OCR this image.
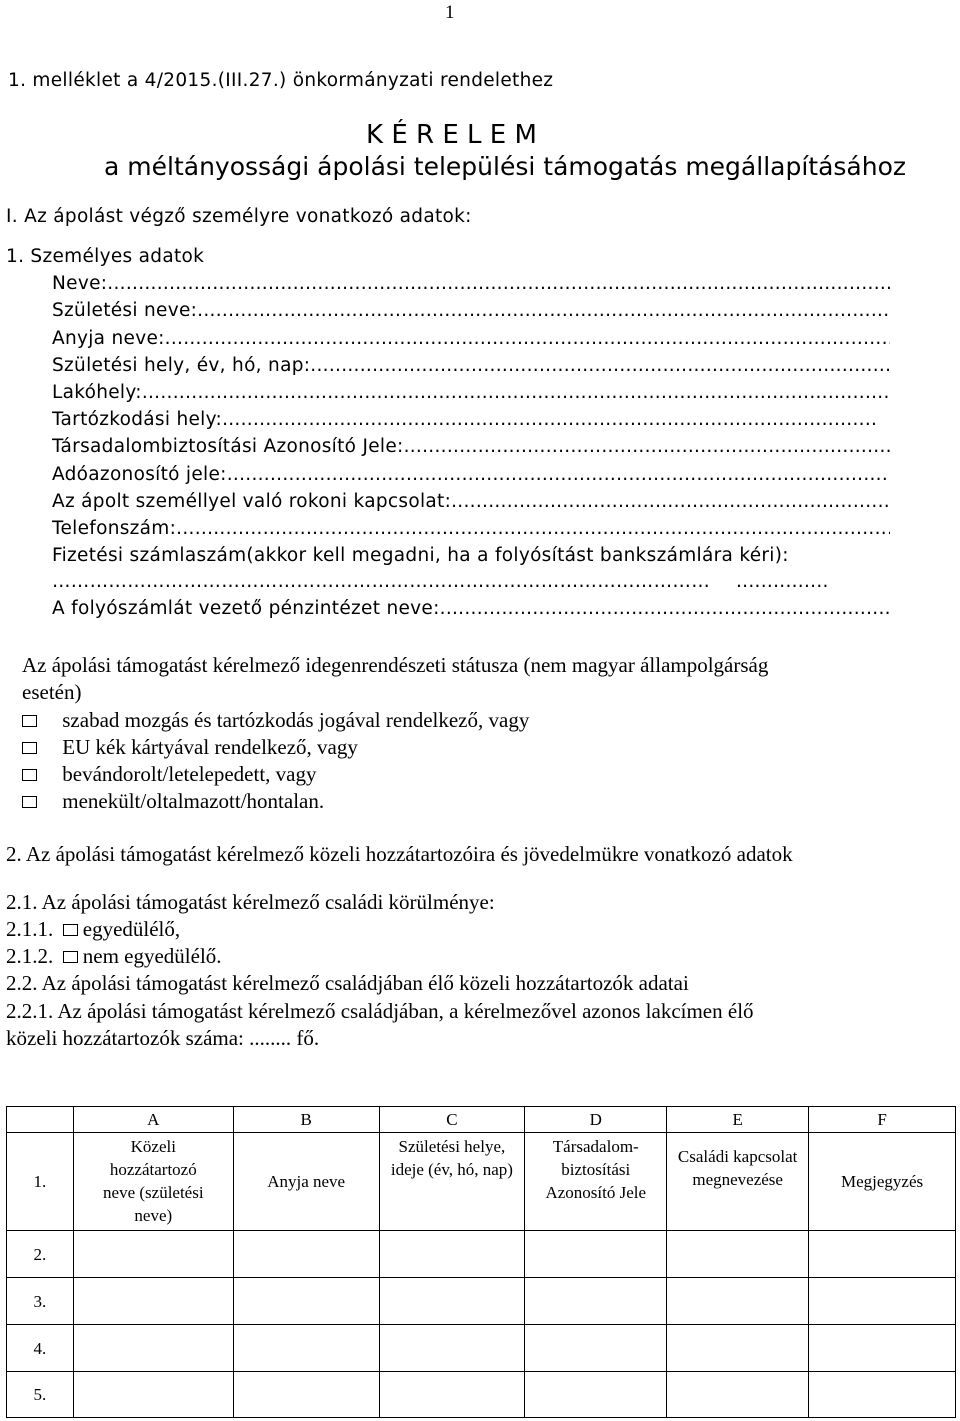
1
1. melléklet a 4/2015.(III.27.) önkormányzati rendelethez
K É R E L E M
a méltányossági ápolási települési támogatás megállapításához
I. Az ápolást végző személyre vonatkozó adatok:
1. Személyes adatok
Neve:
.....
Születési neve:
.....
Anyja neve:
.....
Születési hely, év, hó, nap:
.....
Lakóhely:
.....
Tartózkodási hely:
.....
Társadalombiztosítási Azonosító Jele:
.....
Adóazonosító jele:
.....
Az ápolt személlyel való rokoni kapcsolat:
.....
Telefonszám:
.....
Fizetési számlaszám(akkor kell megadni, ha a folyósítást bankszámlára kéri):
…………………………………………………………………………………………… ...............
A folyószámlát vezető pénzintézet neve:
.....
Az ápolási támogatást kérelmező idegenrendészeti státusza (nem magyar állampolgárság
esetén)
szabad mozgás és tartózkodás jogával rendelkező, vagy
EU kék kártyával rendelkező, vagy
bevándorolt/letelepedett, vagy
menekült/oltalmazott/hontalan.
2. Az ápolási támogatást kérelmező közeli hozzátartozóira és jövedelmükre vonatkozó adatok
2.1. Az ápolási támogatást kérelmező családi körülménye:
2.1.1. egyedülélő,
2.1.2. nem egyedülélő.
2.2. Az ápolási támogatást kérelmező családjában élő közeli hozzátartozók adatai
2.2.1. Az ápolási támogatást kérelmező családjában, a kérelmezővel azonos lakcímen élő
közeli hozzátartozók száma: ........ fő.
	A	B	C	D	E	F
1.	Közeli hozzátartozó neve (születési neve)	Anyja neve	Születési helye, ideje (év, hó, nap)	Társadalom-biztosítási Azonosító Jele	Családi kapcsolat megnevezése	Megjegyzés
2.						
3.						
4.						
5.						
